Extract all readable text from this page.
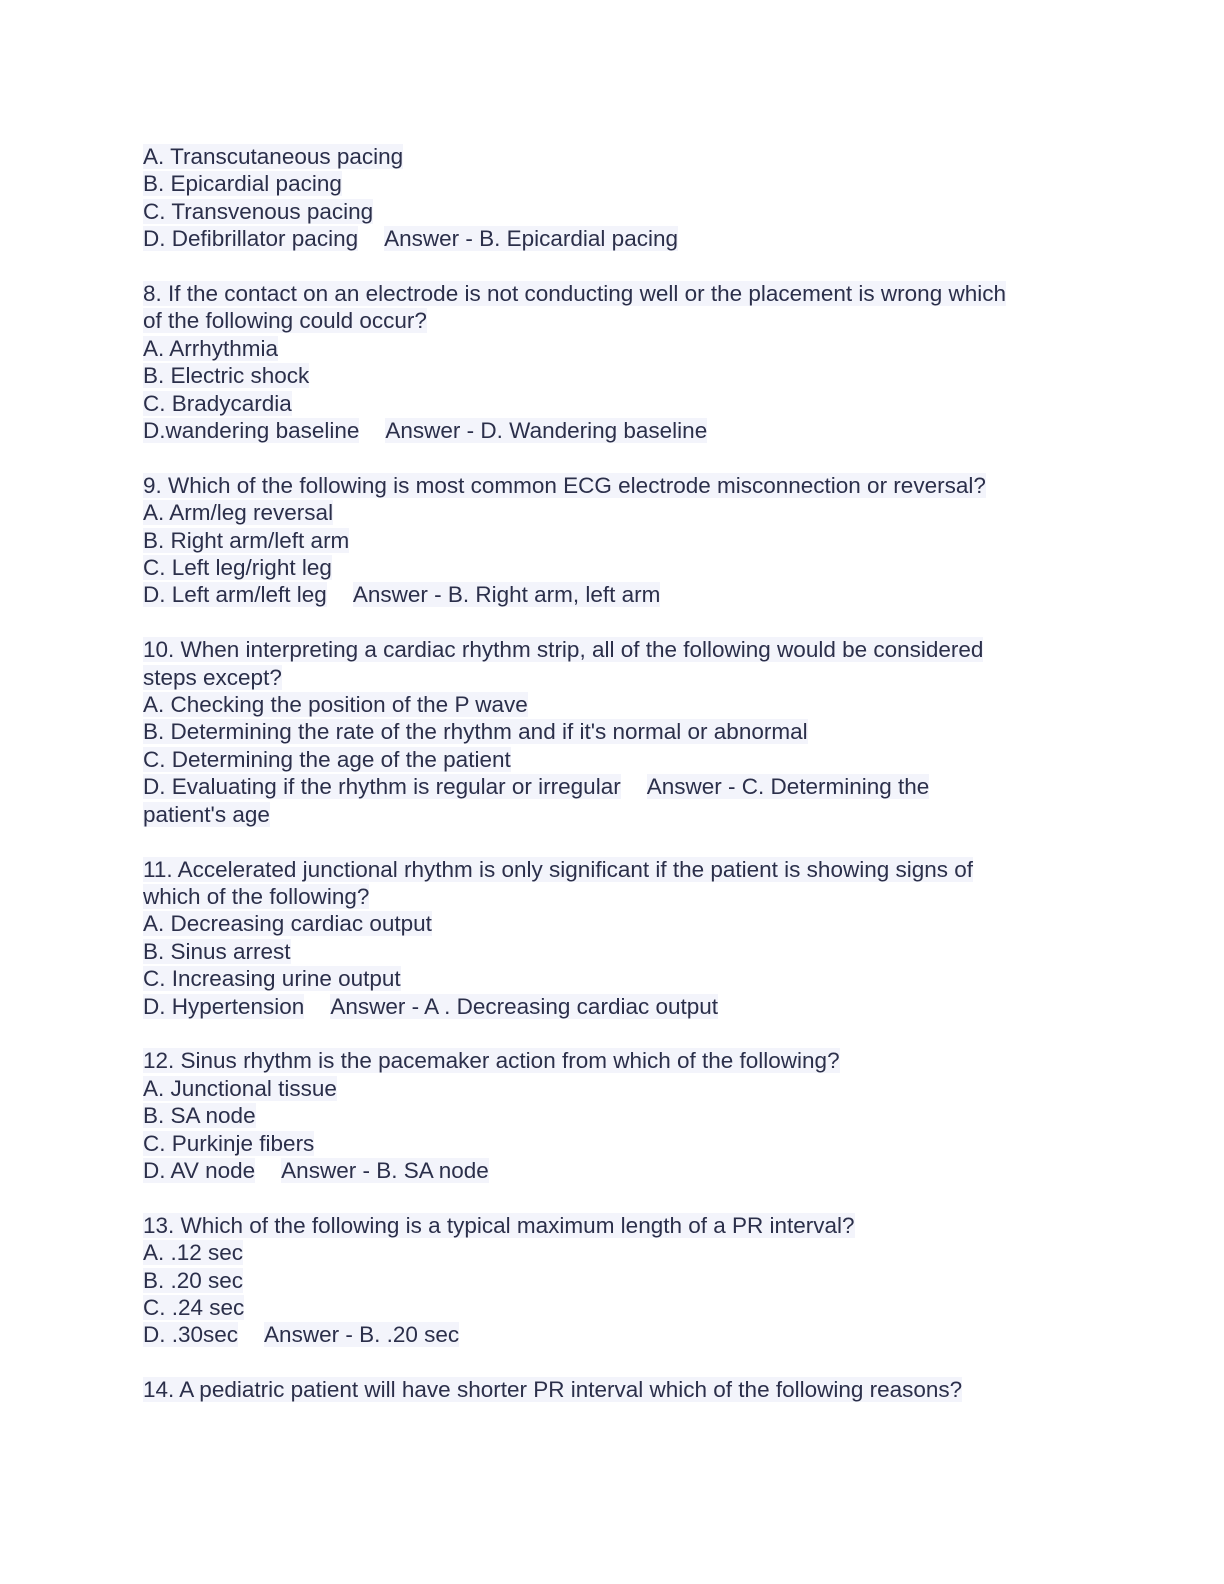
A. Transcutaneous pacing
B. Epicardial pacing
C. Transvenous pacing
D. Defibrillator pacing Answer - B. Epicardial pacing
8. If the contact on an electrode is not conducting well or the placement is wrong which
of the following could occur?
A. Arrhythmia
B. Electric shock
C. Bradycardia
D.wandering baseline Answer - D. Wandering baseline
9. Which of the following is most common ECG electrode misconnection or reversal?
A. Arm/leg reversal
B. Right arm/left arm
C. Left leg/right leg
D. Left arm/left leg Answer - B. Right arm, left arm
10. When interpreting a cardiac rhythm strip, all of the following would be considered
steps except?
A. Checking the position of the P wave
B. Determining the rate of the rhythm and if it's normal or abnormal
C. Determining the age of the patient
D. Evaluating if the rhythm is regular or irregular Answer - C. Determining the
patient's age
11. Accelerated junctional rhythm is only significant if the patient is showing signs of
which of the following?
A. Decreasing cardiac output
B. Sinus arrest
C. Increasing urine output
D. Hypertension Answer - A . Decreasing cardiac output
12. Sinus rhythm is the pacemaker action from which of the following?
A. Junctional tissue
B. SA node
C. Purkinje fibers
D. AV node Answer - B. SA node
13. Which of the following is a typical maximum length of a PR interval?
A. .12 sec
B. .20 sec
C. .24 sec
D. .30sec Answer - B. .20 sec
14. A pediatric patient will have shorter PR interval which of the following reasons?
